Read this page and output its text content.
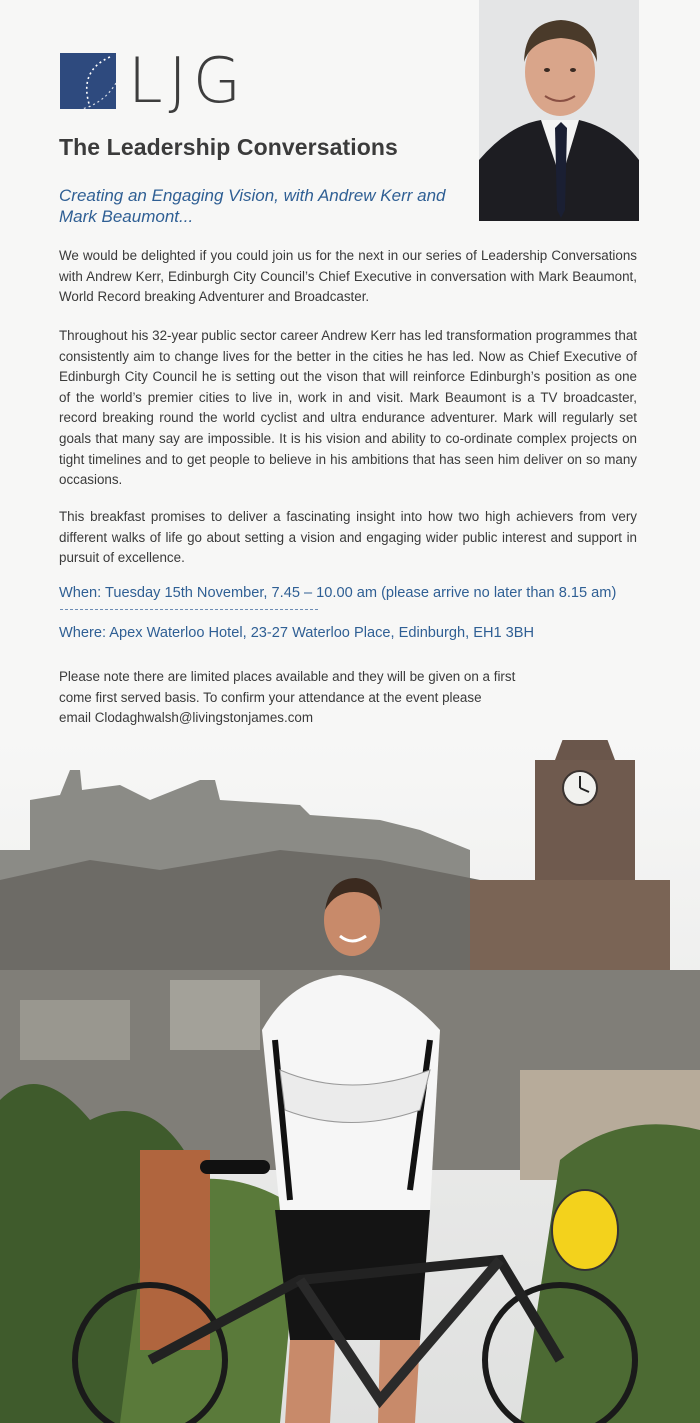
LJG
The Leadership Conversations

Creating an Engaging Vision, with Andrew Kerr and Mark Beaumont...

We would be delighted if you could join us for the next in our series of Leadership Conversations with Andrew Kerr, Edinburgh City Council’s Chief Executive in conversation with Mark Beaumont, World Record breaking Adventurer and Broadcaster.

Throughout his 32-year public sector career Andrew Kerr has led transformation programmes that consistently aim to change lives for the better in the cities he has led. Now as Chief Executive of Edinburgh City Council he is setting out the vison that will reinforce Edinburgh’s position as one of the world’s premier cities to live in, work in and visit. Mark Beaumont is a TV broadcaster, record breaking round the world cyclist and ultra endurance adventurer. Mark will regularly set goals that many say are impossible. It is his vision and ability to co-ordinate complex projects on tight timelines and to get people to believe in his ambitions that has seen him deliver on so many occasions.

This breakfast promises to deliver a fascinating insight into how two high achievers from very different walks of life go about setting a vision and engaging wider public interest and support in pursuit of excellence.

When: Tuesday 15th November, 7.45 – 10.00 am (please arrive no later than 8.15 am)

Where: Apex Waterloo Hotel, 23-27 Waterloo Place, Edinburgh, EH1 3BH

Please note there are limited places available and they will be given on a first
come first served basis. To confirm your attendance at the event please
email Clodaghwalsh@livingstonjames.com
